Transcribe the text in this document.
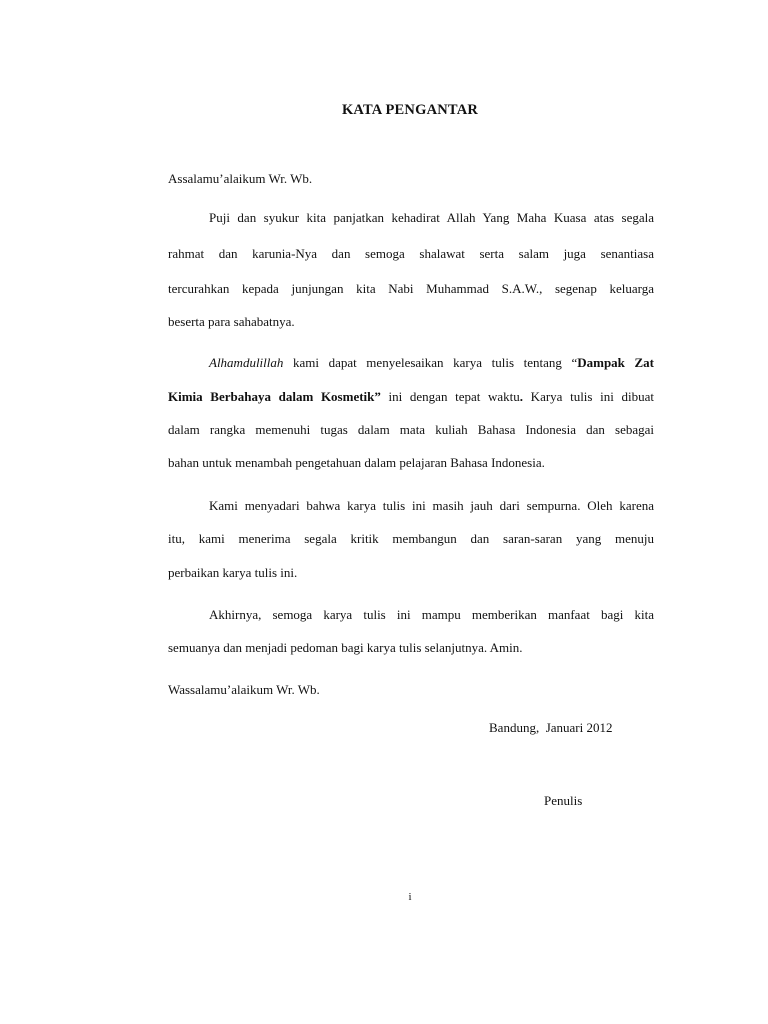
KATA PENGANTAR
Assalamu’alaikum Wr. Wb.
Puji dan syukur kita panjatkan kehadirat Allah Yang Maha Kuasa atas segala
rahmat dan karunia-Nya dan semoga shalawat serta salam juga senantiasa
tercurahkan kepada junjungan kita Nabi Muhammad S.A.W., segenap keluarga
beserta para sahabatnya.
Alhamdulillah kami dapat menyelesaikan karya tulis tentang “Dampak Zat
Kimia Berbahaya dalam Kosmetik” ini dengan tepat waktu. Karya tulis ini dibuat
dalam rangka memenuhi tugas dalam mata kuliah Bahasa Indonesia dan sebagai
bahan untuk menambah pengetahuan dalam pelajaran Bahasa Indonesia.
Kami menyadari bahwa karya tulis ini masih jauh dari sempurna. Oleh karena
itu, kami menerima segala kritik membangun dan saran-saran yang menuju
perbaikan karya tulis ini.
Akhirnya, semoga karya tulis ini mampu memberikan manfaat bagi kita
semuanya dan menjadi pedoman bagi karya tulis selanjutnya. Amin.
Wassalamu’alaikum Wr. Wb.
Bandung,  Januari 2012
Penulis
i
